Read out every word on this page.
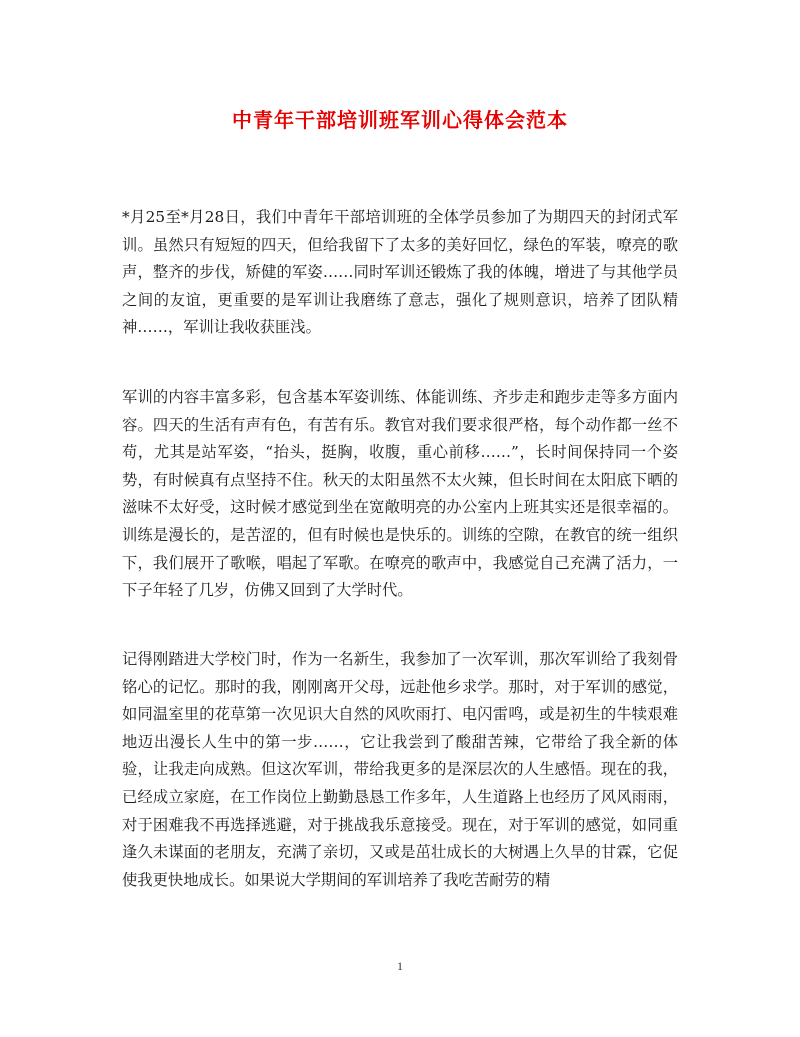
中青年干部培训班军训心得体会范本

*月25至*月28日，我们中青年干部培训班的全体学员参加了为期四天的封闭式军训。虽然只有短短的四天，但给我留下了太多的美好回忆，绿色的军装，嘹亮的歌声，整齐的步伐，矫健的军姿……同时军训还锻炼了我的体魄，增进了与其他学员之间的友谊，更重要的是军训让我磨练了意志，强化了规则意识，培养了团队精神……，军训让我收获匪浅。

军训的内容丰富多彩，包含基本军姿训练、体能训练、齐步走和跑步走等多方面内容。四天的生活有声有色，有苦有乐。教官对我们要求很严格，每个动作都一丝不苟，尤其是站军姿，“抬头，挺胸，收腹，重心前移……”，长时间保持同一个姿势，有时候真有点坚持不住。秋天的太阳虽然不太火辣，但长时间在太阳底下晒的滋味不太好受，这时候才感觉到坐在宽敞明亮的办公室内上班其实还是很幸福的。训练是漫长的，是苦涩的，但有时候也是快乐的。训练的空隙，在教官的统一组织下，我们展开了歌喉，唱起了军歌。在嘹亮的歌声中，我感觉自己充满了活力，一下子年轻了几岁，仿佛又回到了大学时代。

记得刚踏进大学校门时，作为一名新生，我参加了一次军训，那次军训给了我刻骨铭心的记忆。那时的我，刚刚离开父母，远赴他乡求学。那时，对于军训的感觉，如同温室里的花草第一次见识大自然的风吹雨打、电闪雷鸣，或是初生的牛犊艰难地迈出漫长人生中的第一步……，它让我尝到了酸甜苦辣，它带给了我全新的体验，让我走向成熟。但这次军训，带给我更多的是深层次的人生感悟。现在的我，已经成立家庭，在工作岗位上勤勤恳恳工作多年，人生道路上也经历了风风雨雨，对于困难我不再选择逃避，对于挑战我乐意接受。现在，对于军训的感觉，如同重逢久未谋面的老朋友，充满了亲切，又或是茁壮成长的大树遇上久旱的甘霖，它促使我更快地成长。如果说大学期间的军训培养了我吃苦耐劳的精

1
